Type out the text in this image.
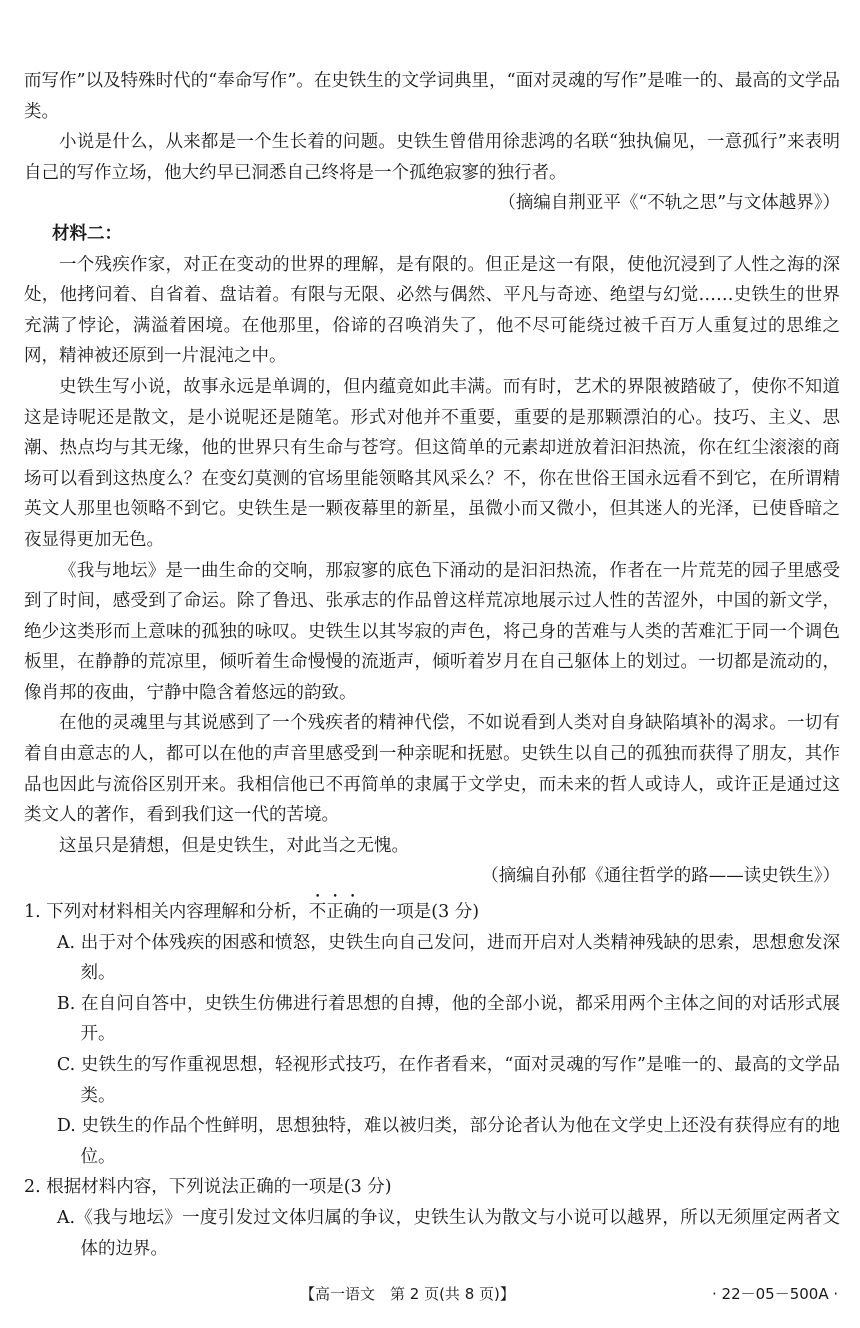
而写作”以及特殊时代的“奉命写作”。在史铁生的文学词典里，“面对灵魂的写作”是唯一的、最高的文学品类。

小说是什么，从来都是一个生长着的问题。史铁生曾借用徐悲鸿的名联“独执偏见，一意孤行”来表明自己的写作立场，他大约早已洞悉自己终将是一个孤绝寂寥的独行者。

（摘编自荆亚平《“不轨之思”与文体越界》）

材料二：

一个残疾作家，对正在变动的世界的理解，是有限的。但正是这一有限，使他沉浸到了人性之海的深处，他拷问着、自省着、盘诘着。有限与无限、必然与偶然、平凡与奇迹、绝望与幻觉……史铁生的世界充满了悖论，满溢着困境。在他那里，俗谛的召唤消失了，他不尽可能绕过被千百万人重复过的思维之网，精神被还原到一片混沌之中。

史铁生写小说，故事永远是单调的，但内蕴竟如此丰满。而有时，艺术的界限被踏破了，使你不知道这是诗呢还是散文，是小说呢还是随笔。形式对他并不重要，重要的是那颗漂泊的心。技巧、主义、思潮、热点均与其无缘，他的世界只有生命与苍穹。但这简单的元素却迸放着汩汩热流，你在红尘滚滚的商场可以看到这热度么？在变幻莫测的官场里能领略其风采么？不，你在世俗王国永远看不到它，在所谓精英文人那里也领略不到它。史铁生是一颗夜幕里的新星，虽微小而又微小，但其迷人的光泽，已使昏暗之夜显得更加无色。

《我与地坛》是一曲生命的交响，那寂寥的底色下涌动的是汩汩热流，作者在一片荒芜的园子里感受到了时间，感受到了命运。除了鲁迅、张承志的作品曾这样荒凉地展示过人性的苦涩外，中国的新文学，绝少这类形而上意味的孤独的咏叹。史铁生以其岑寂的声色，将己身的苦难与人类的苦难汇于同一个调色板里，在静静的荒凉里，倾听着生命慢慢的流逝声，倾听着岁月在自己躯体上的划过。一切都是流动的，像肖邦的夜曲，宁静中隐含着悠远的韵致。

在他的灵魂里与其说感到了一个残疾者的精神代偿，不如说看到人类对自身缺陷填补的渴求。一切有着自由意志的人，都可以在他的声音里感受到一种亲昵和抚慰。史铁生以自己的孤独而获得了朋友，其作品也因此与流俗区别开来。我相信他已不再简单的隶属于文学史，而未来的哲人或诗人，或许正是通过这类文人的著作，看到我们这一代的苦境。

这虽只是猜想，但是史铁生，对此当之无愧。

（摘编自孙郁《通往哲学的路——读史铁生》）

1. 下列对材料相关内容理解和分析，不正确的一项是(3 分)

A. 出于对个体残疾的困惑和愤怒，史铁生向自己发问，进而开启对人类精神残缺的思索，思想愈发深刻。

B. 在自问自答中，史铁生仿佛进行着思想的自搏，他的全部小说，都采用两个主体之间的对话形式展开。

C. 史铁生的写作重视思想，轻视形式技巧，在作者看来，“面对灵魂的写作”是唯一的、最高的文学品类。

D. 史铁生的作品个性鲜明，思想独特，难以被归类，部分论者认为他在文学史上还没有获得应有的地位。

2. 根据材料内容，下列说法正确的一项是(3 分)

A.《我与地坛》一度引发过文体归属的争议，史铁生认为散文与小说可以越界，所以无须厘定两者文体的边界。

【高一语文　第 2 页(共 8 页)】	· 22－05－500A ·
